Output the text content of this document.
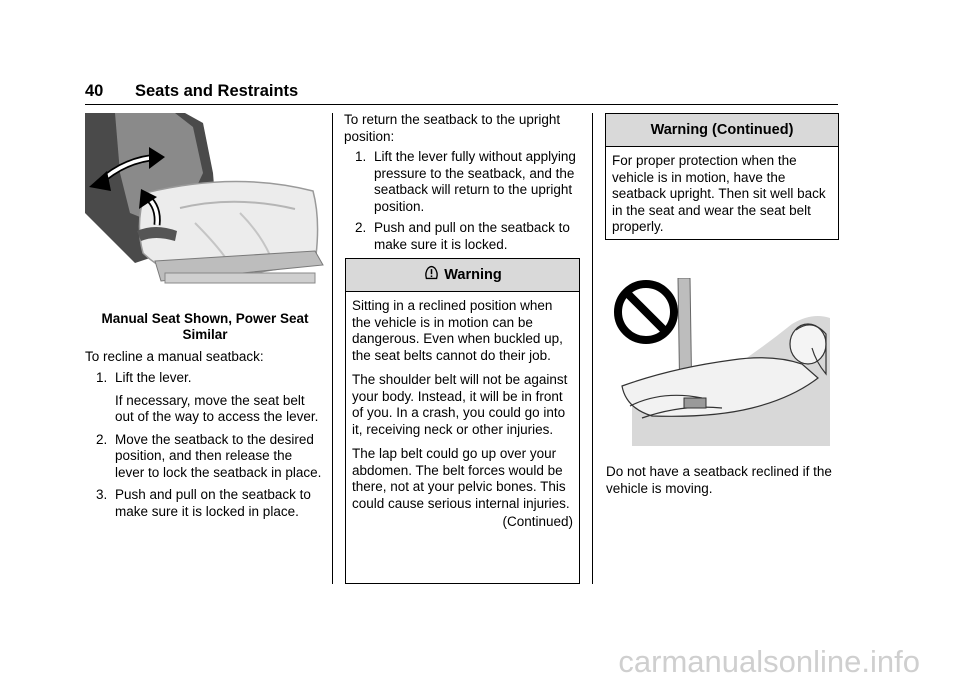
40 Seats and Restraints

Manual Seat Shown, Power Seat Similar

To recline a manual seatback:

1. Lift the lever.

If necessary, move the seat belt out of the way to access the lever.

2. Move the seatback to the desired position, and then release the lever to lock the seatback in place.
3. Push and pull on the seatback to make sure it is locked in place.

To return the seatback to the upright position:

1. Lift the lever fully without applying pressure to the seatback, and the seatback will return to the upright position.
2. Push and pull on the seatback to make sure it is locked.
Warning

Sitting in a reclined position when the vehicle is in motion can be dangerous. Even when buckled up, the seat belts cannot do their job.

The shoulder belt will not be against your body. Instead, it will be in front of you. In a crash, you could go into it, receiving neck or other injuries.

The lap belt could go up over your abdomen. The belt forces would be there, not at your pelvic bones. This could cause serious internal injuries.

(Continued)
Warning (Continued)

For proper protection when the vehicle is in motion, have the seatback upright. Then sit well back in the seat and wear the seat belt properly.

Do not have a seatback reclined if the vehicle is moving.

carmanualsonline.info
